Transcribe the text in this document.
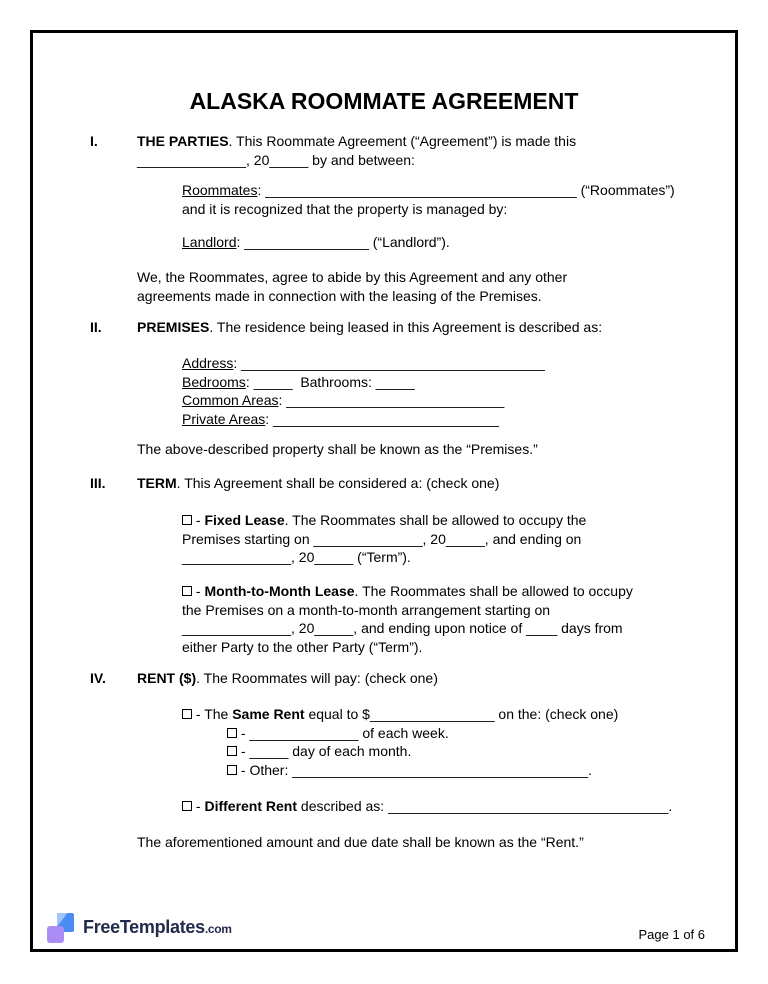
ALASKA ROOMMATE AGREEMENT
I.	THE PARTIES. This Roommate Agreement (“Agreement”) is made this
______________, 20_____ by and between:
Roommates: ________________________________________ (“Roommates”)
and it is recognized that the property is managed by:
Landlord: ________________ (“Landlord”).
We, the Roommates, agree to abide by this Agreement and any other
agreements made in connection with the leasing of the Premises.
II.	PREMISES. The residence being leased in this Agreement is described as:
Address: _______________________________________
Bedrooms: _____  Bathrooms: _____
Common Areas: ____________________________
Private Areas: _____________________________
The above-described property shall be known as the “Premises.”
III. TERM. This Agreement shall be considered a: (check one)
- Fixed Lease. The Roommates shall be allowed to occupy the
Premises starting on ______________, 20_____, and ending on
______________, 20_____ (“Term”).
- Month-to-Month Lease. The Roommates shall be allowed to occupy
the Premises on a month-to-month arrangement starting on
______________, 20_____, and ending upon notice of ____ days from
either Party to the other Party (“Term”).
IV. RENT ($). The Roommates will pay: (check one)
- The Same Rent equal to $________________ on the: (check one)
- ______________ of each week.
- _____ day of each month.
- Other: ______________________________________.
- Different Rent described as: ____________________________________.
The aforementioned amount and due date shall be known as the “Rent.”
FreeTemplates.com	Page 1 of 6
